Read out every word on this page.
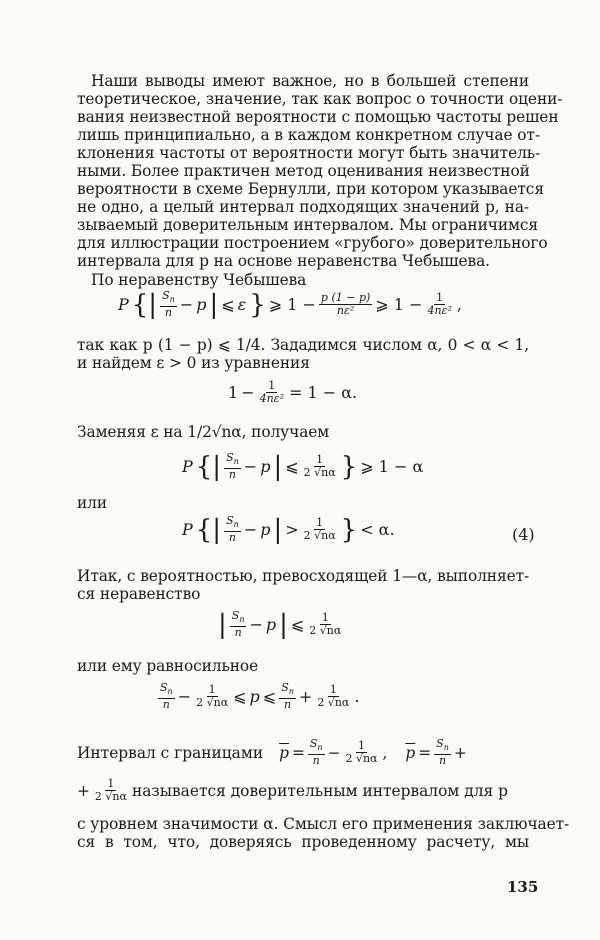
Наши выводы имеют важное, но в большей степени
теоретическое, значение, так как вопрос о точности оцени-
вания неизвестной вероятности с помощью частоты решен
лишь принципиально, а в каждом конкретном случае от-
клонения частоты от вероятности могут быть значитель-
ными. Более практичен метод оценивания неизвестной
вероятности в схеме Бернулли, при котором указывается
не одно, а целый интервал подходящих значений p, на-
зываемый доверительным интервалом. Мы ограничимся
для иллюстрации построением «грубого» доверительного
интервала для p на основе неравенства Чебышева.
По неравенству Чебышева
P {| $\frac{S_n}{n} - p$ | ⩽ ε } ⩾ $1 - \frac{p (1 - p)}{\text{nε²}}$ ⩾ $1 - \frac{1}{\text{4nε²}}$ ,
так как p (1 − p) ⩽ 1/4. Зададимся числом α, 0 < α < 1,
и найдем ε > 0 из уравнения
$1 - \frac{1}{\text{4nε²}} = 1 - \alpha$.
Заменяя ε на 1/2√nα, получаем
P {| $\frac{S_n}{n} - p$ | ⩽ $\frac{1}{2 √n\alpha}$ } ⩾ 1 − α
или
P {| $\frac{S_n}{n} - p$ | > $\frac{1}{2 √n\alpha}$ } < α.	(4)
Итак, с вероятностью, превосходящей 1—α, выполняет-
ся неравенство
| $\frac{S_n}{n} - p$ | ⩽ $\frac{1}{2 √n\alpha}$
или ему равносильное
$\frac{S_n}{n} - \frac{1}{2 √n\alpha}$ ⩽ p ⩽ $\frac{S_n}{n} + \frac{1}{2 √n\alpha}$ .
Интервал с границами $\overline{p} = \frac{S_n}{n} - \frac{1}{2 √n\alpha}$ , $\overline{p} = \frac{S_n}{n}$ +
+ $\frac{1}{2 √n\alpha}$ называется доверительным интервалом для p
с уровнем значимости α. Смысл его применения заключает-
ся в том, что, доверяясь проведенному расчету, мы
135
